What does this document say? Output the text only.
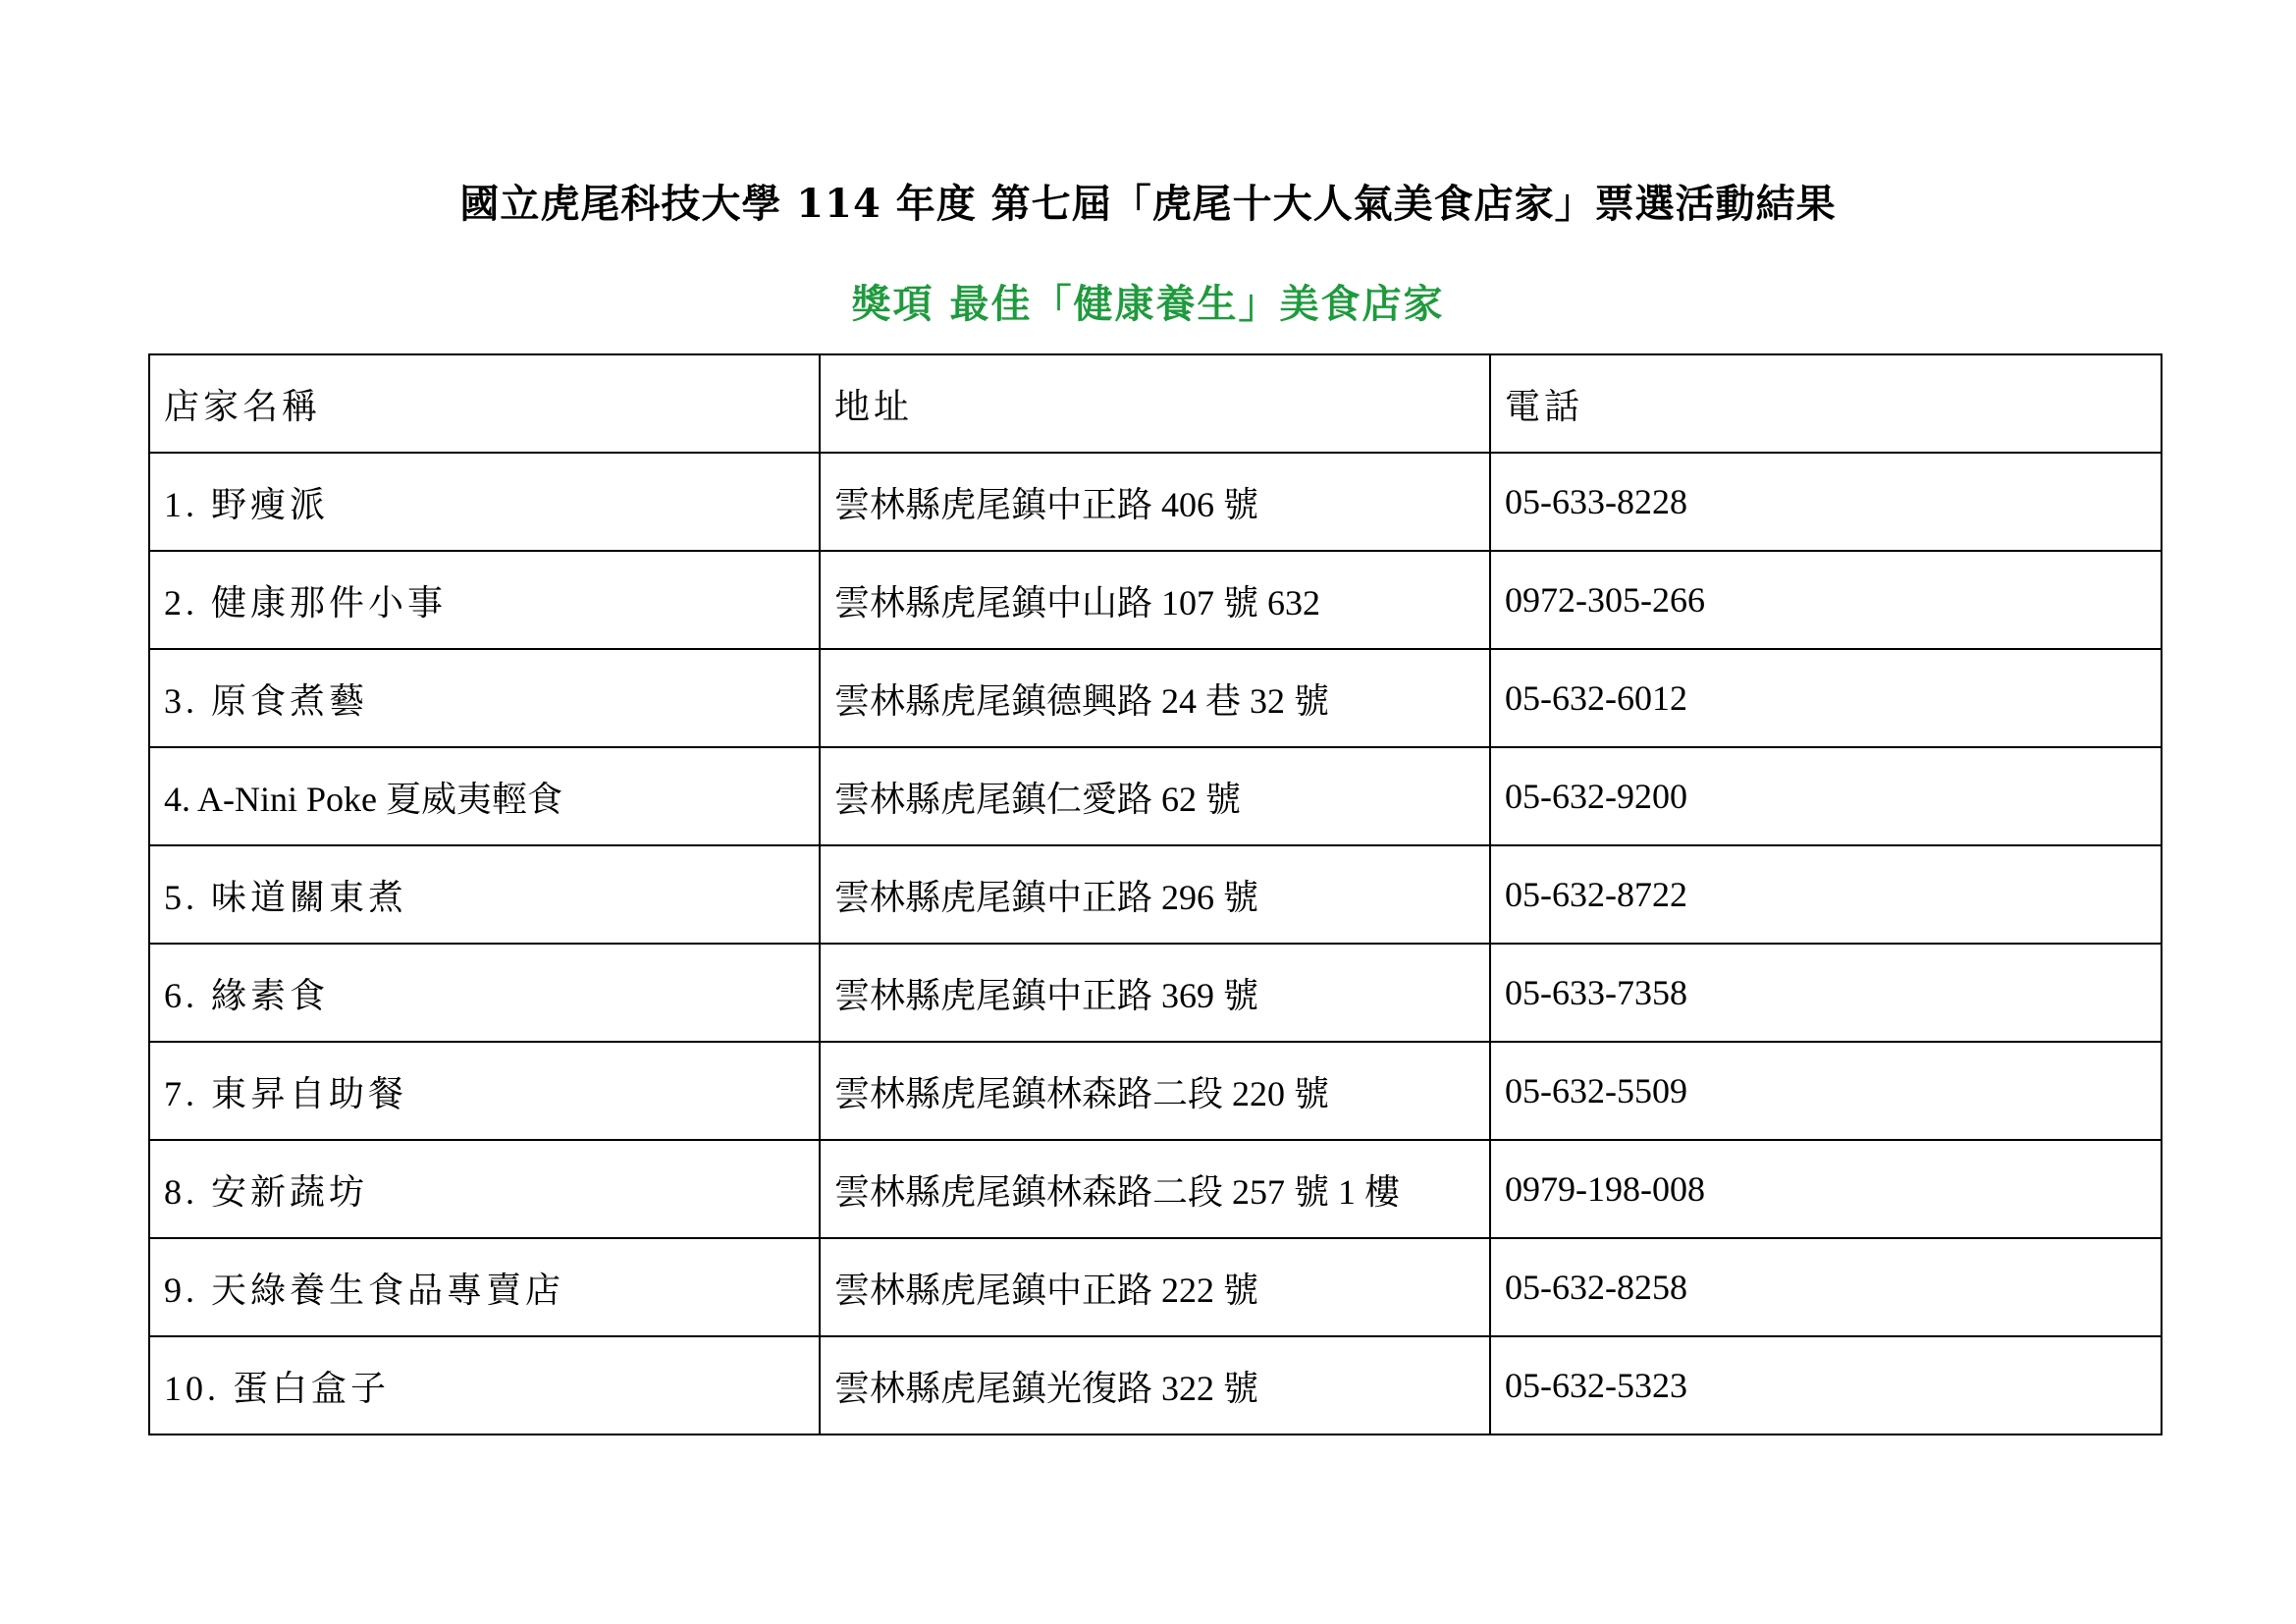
國立虎尾科技大學 114 年度 第七屆「虎尾十大人氣美食店家」票選活動結果
獎項 最佳「健康養生」美食店家
店家名稱	地址	電話
1. 野瘦派	雲林縣虎尾鎮中正路 406 號	05-633-8228
2. 健康那件小事	雲林縣虎尾鎮中山路 107 號 632	0972-305-266
3. 原食煮藝	雲林縣虎尾鎮德興路 24 巷 32 號	05-632-6012
4. A-Nini Poke 夏威夷輕食	雲林縣虎尾鎮仁愛路 62 號	05-632-9200
5. 味道關東煮	雲林縣虎尾鎮中正路 296 號	05-632-8722
6. 緣素食	雲林縣虎尾鎮中正路 369 號	05-633-7358
7. 東昇自助餐	雲林縣虎尾鎮林森路二段 220 號	05-632-5509
8. 安新蔬坊	雲林縣虎尾鎮林森路二段 257 號 1 樓	0979-198-008
9. 天綠養生食品專賣店	雲林縣虎尾鎮中正路 222 號	05-632-8258
10. 蛋白盒子	雲林縣虎尾鎮光復路 322 號	05-632-5323
